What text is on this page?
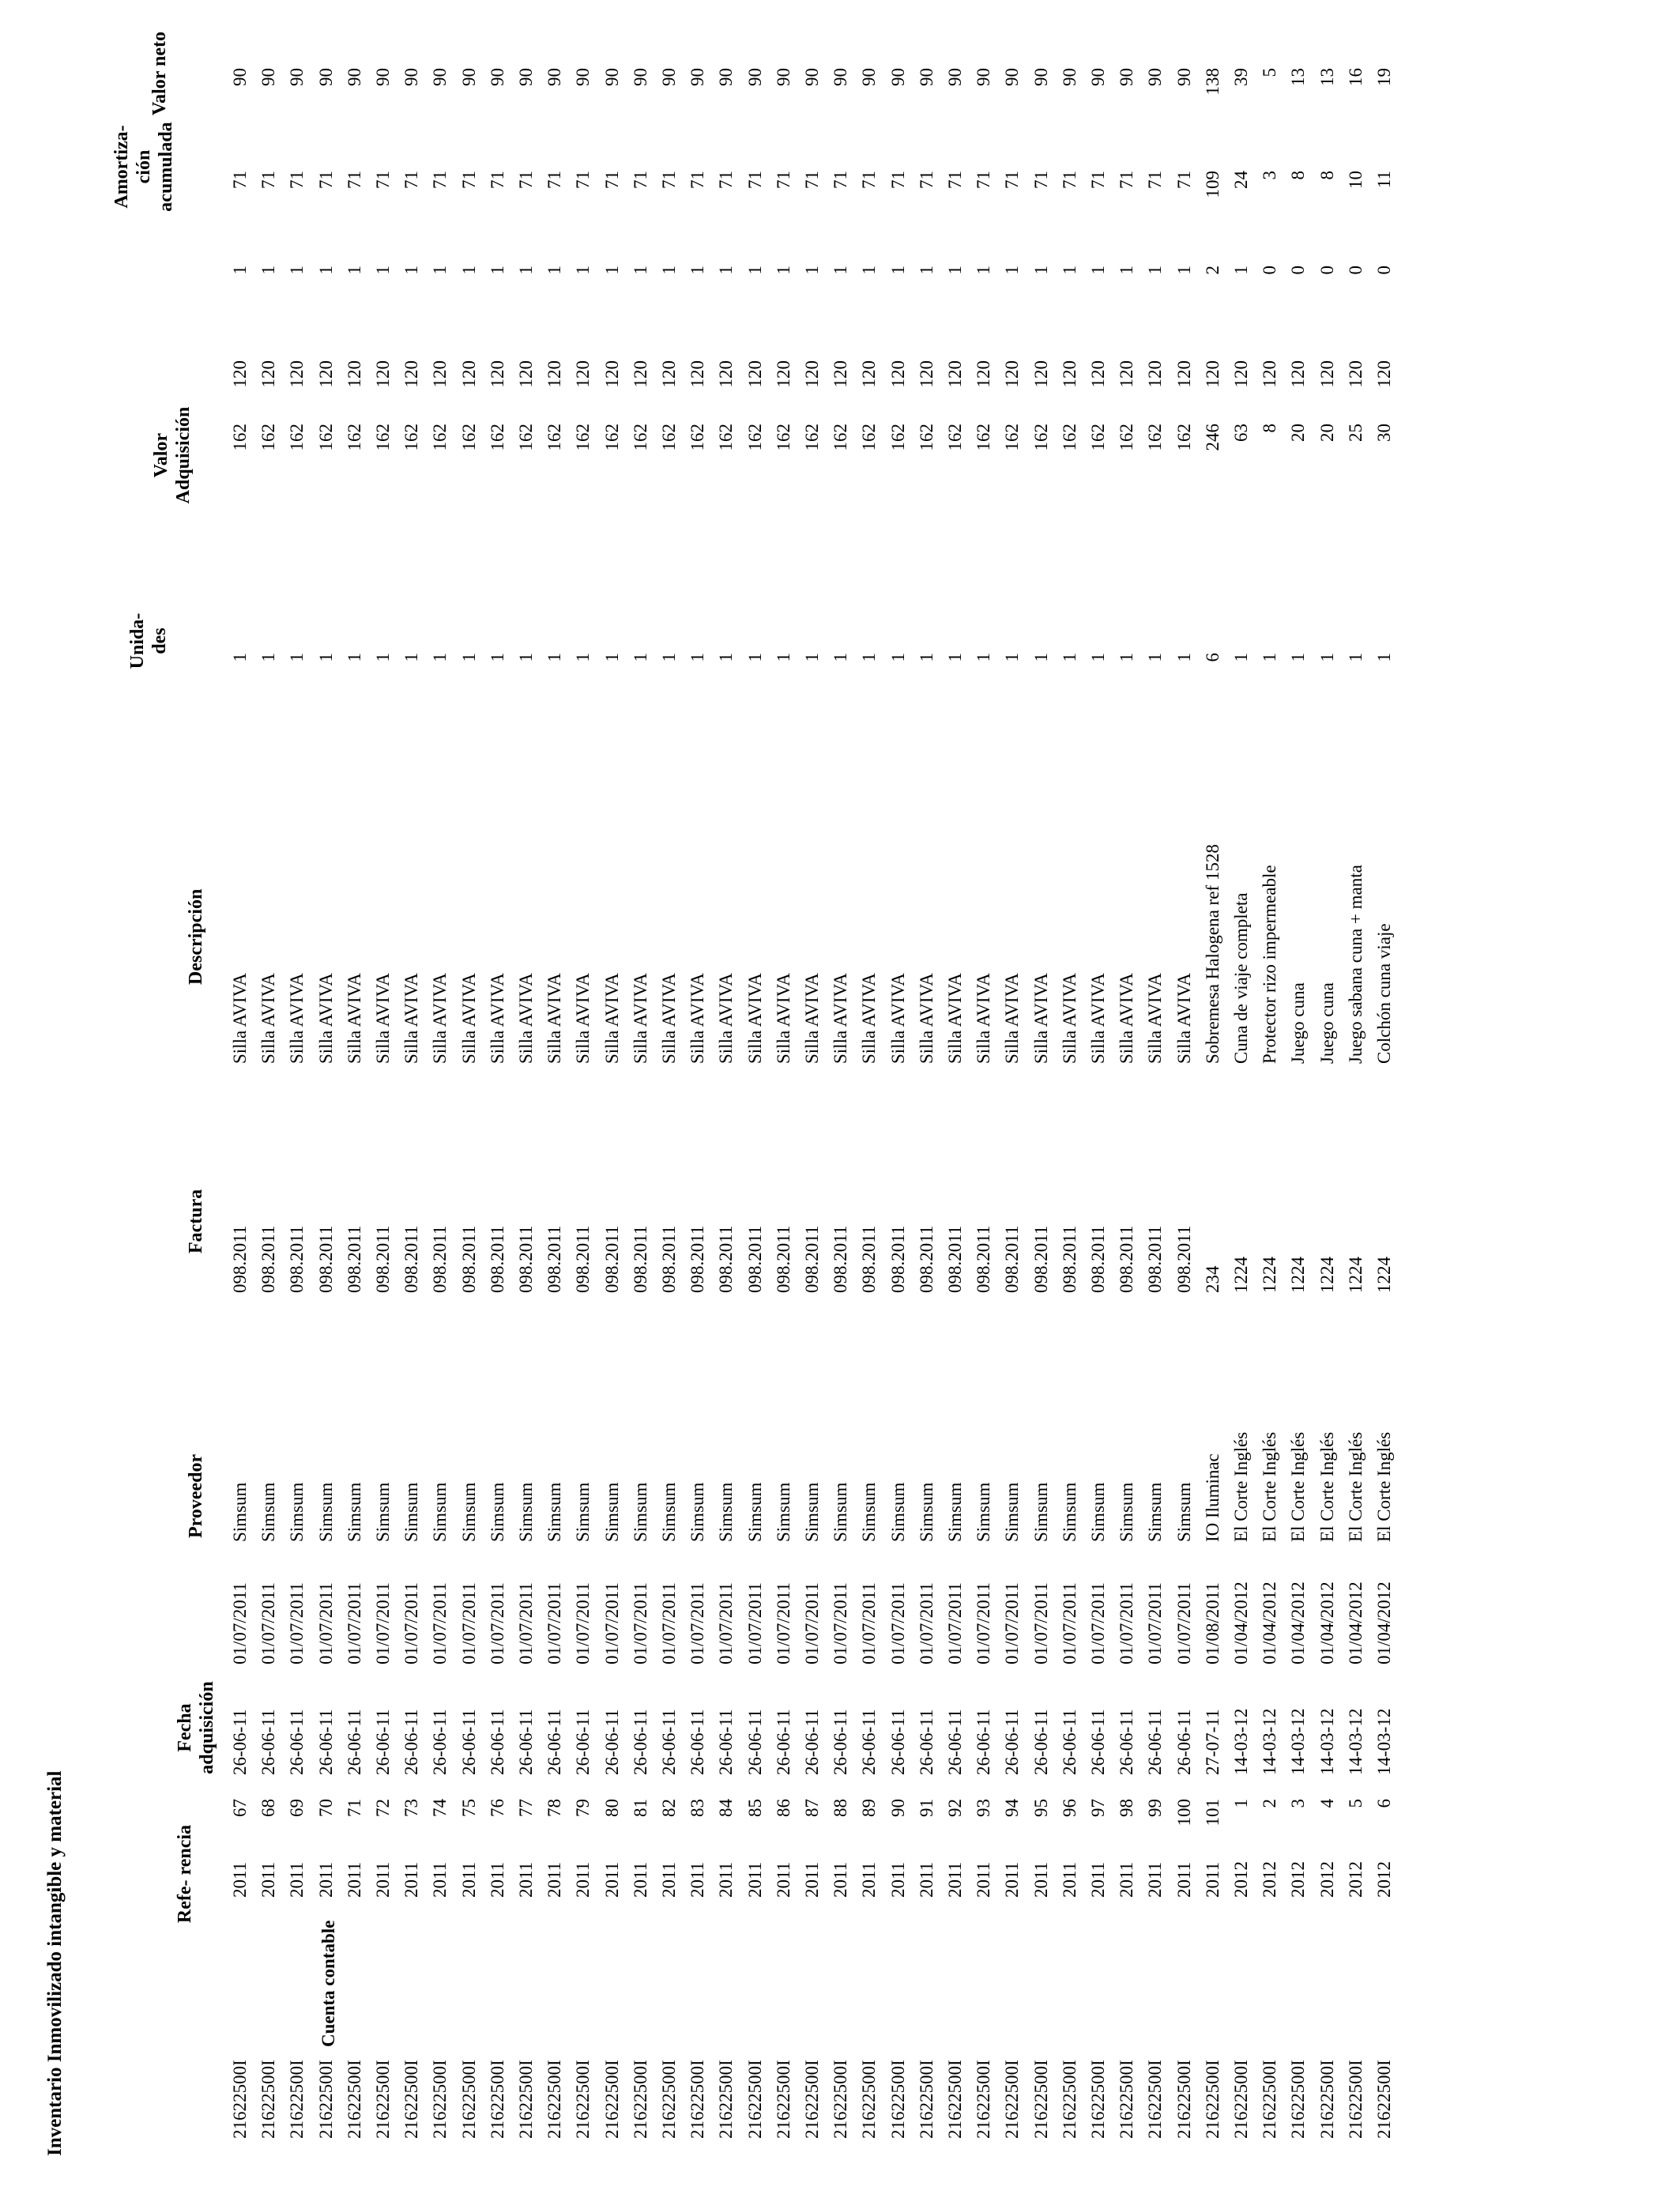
Inventario Inmovilizado intangible y material	Cuenta contable
Refe- rencia
Fecha adquisición
Proveedor
Factura
Descripción
Unida- des
Valor Adquisición
Amortiza- ción acumulada
Valor neto
21622500I
2011
67
26-06-11
01/07/2011
Simsum
098.2011
Silla AVIVA
1
162
120
1
71
90
21622500I
2011
68
26-06-11
01/07/2011
Simsum
098.2011
Silla AVIVA
1
162
120
1
71
90
21622500I
2011
69
26-06-11
01/07/2011
Simsum
098.2011
Silla AVIVA
1
162
120
1
71
90
21622500I
2011
70
26-06-11
01/07/2011
Simsum
098.2011
Silla AVIVA
1
162
120
1
71
90
21622500I
2011
71
26-06-11
01/07/2011
Simsum
098.2011
Silla AVIVA
1
162
120
1
71
90
21622500I
2011
72
26-06-11
01/07/2011
Simsum
098.2011
Silla AVIVA
1
162
120
1
71
90
21622500I
2011
73
26-06-11
01/07/2011
Simsum
098.2011
Silla AVIVA
1
162
120
1
71
90
21622500I
2011
74
26-06-11
01/07/2011
Simsum
098.2011
Silla AVIVA
1
162
120
1
71
90
21622500I
2011
75
26-06-11
01/07/2011
Simsum
098.2011
Silla AVIVA
1
162
120
1
71
90
21622500I
2011
76
26-06-11
01/07/2011
Simsum
098.2011
Silla AVIVA
1
162
120
1
71
90
21622500I
2011
77
26-06-11
01/07/2011
Simsum
098.2011
Silla AVIVA
1
162
120
1
71
90
21622500I
2011
78
26-06-11
01/07/2011
Simsum
098.2011
Silla AVIVA
1
162
120
1
71
90
21622500I
2011
79
26-06-11
01/07/2011
Simsum
098.2011
Silla AVIVA
1
162
120
1
71
90
21622500I
2011
80
26-06-11
01/07/2011
Simsum
098.2011
Silla AVIVA
1
162
120
1
71
90
21622500I
2011
81
26-06-11
01/07/2011
Simsum
098.2011
Silla AVIVA
1
162
120
1
71
90
21622500I
2011
82
26-06-11
01/07/2011
Simsum
098.2011
Silla AVIVA
1
162
120
1
71
90
21622500I
2011
83
26-06-11
01/07/2011
Simsum
098.2011
Silla AVIVA
1
162
120
1
71
90
21622500I
2011
84
26-06-11
01/07/2011
Simsum
098.2011
Silla AVIVA
1
162
120
1
71
90
21622500I
2011
85
26-06-11
01/07/2011
Simsum
098.2011
Silla AVIVA
1
162
120
1
71
90
21622500I
2011
86
26-06-11
01/07/2011
Simsum
098.2011
Silla AVIVA
1
162
120
1
71
90
21622500I
2011
87
26-06-11
01/07/2011
Simsum
098.2011
Silla AVIVA
1
162
120
1
71
90
21622500I
2011
88
26-06-11
01/07/2011
Simsum
098.2011
Silla AVIVA
1
162
120
1
71
90
21622500I
2011
89
26-06-11
01/07/2011
Simsum
098.2011
Silla AVIVA
1
162
120
1
71
90
21622500I
2011
90
26-06-11
01/07/2011
Simsum
098.2011
Silla AVIVA
1
162
120
1
71
90
21622500I
2011
91
26-06-11
01/07/2011
Simsum
098.2011
Silla AVIVA
1
162
120
1
71
90
21622500I
2011
92
26-06-11
01/07/2011
Simsum
098.2011
Silla AVIVA
1
162
120
1
71
90
21622500I
2011
93
26-06-11
01/07/2011
Simsum
098.2011
Silla AVIVA
1
162
120
1
71
90
21622500I
2011
94
26-06-11
01/07/2011
Simsum
098.2011
Silla AVIVA
1
162
120
1
71
90
21622500I
2011
95
26-06-11
01/07/2011
Simsum
098.2011
Silla AVIVA
1
162
120
1
71
90
21622500I
2011
96
26-06-11
01/07/2011
Simsum
098.2011
Silla AVIVA
1
162
120
1
71
90
21622500I
2011
97
26-06-11
01/07/2011
Simsum
098.2011
Silla AVIVA
1
162
120
1
71
90
21622500I
2011
98
26-06-11
01/07/2011
Simsum
098.2011
Silla AVIVA
1
162
120
1
71
90
21622500I
2011
99
26-06-11
01/07/2011
Simsum
098.2011
Silla AVIVA
1
162
120
1
71
90
21622500I
2011
100
26-06-11
01/07/2011
Simsum
098.2011
Silla AVIVA
1
162
120
1
71
90
21622500I
2011
101
27-07-11
01/08/2011
IO Iluminac
234
Sobremesa Halogena ref 1528
6
246
120
2
109
138
21622500I
2012
1
14-03-12
01/04/2012
El Corte Inglés
1224
Cuna de viaje completa
1
63
120
1
24
39
21622500I
2012
2
14-03-12
01/04/2012
El Corte Inglés
1224
Protector rizo impermeable
1
8
120
0
3
5
21622500I
2012
3
14-03-12
01/04/2012
El Corte Inglés
1224
Juego cuna
1
20
120
0
8
13
21622500I
2012
4
14-03-12
01/04/2012
El Corte Inglés
1224
Juego cuna
1
20
120
0
8
13
21622500I
2012
5
14-03-12
01/04/2012
El Corte Inglés
1224
Juego sabana cuna + manta
1
25
120
0
10
16
21622500I
2012
6
14-03-12
01/04/2012
El Corte Inglés
1224
Colchón cuna viaje
1
30
120
0
11
19
